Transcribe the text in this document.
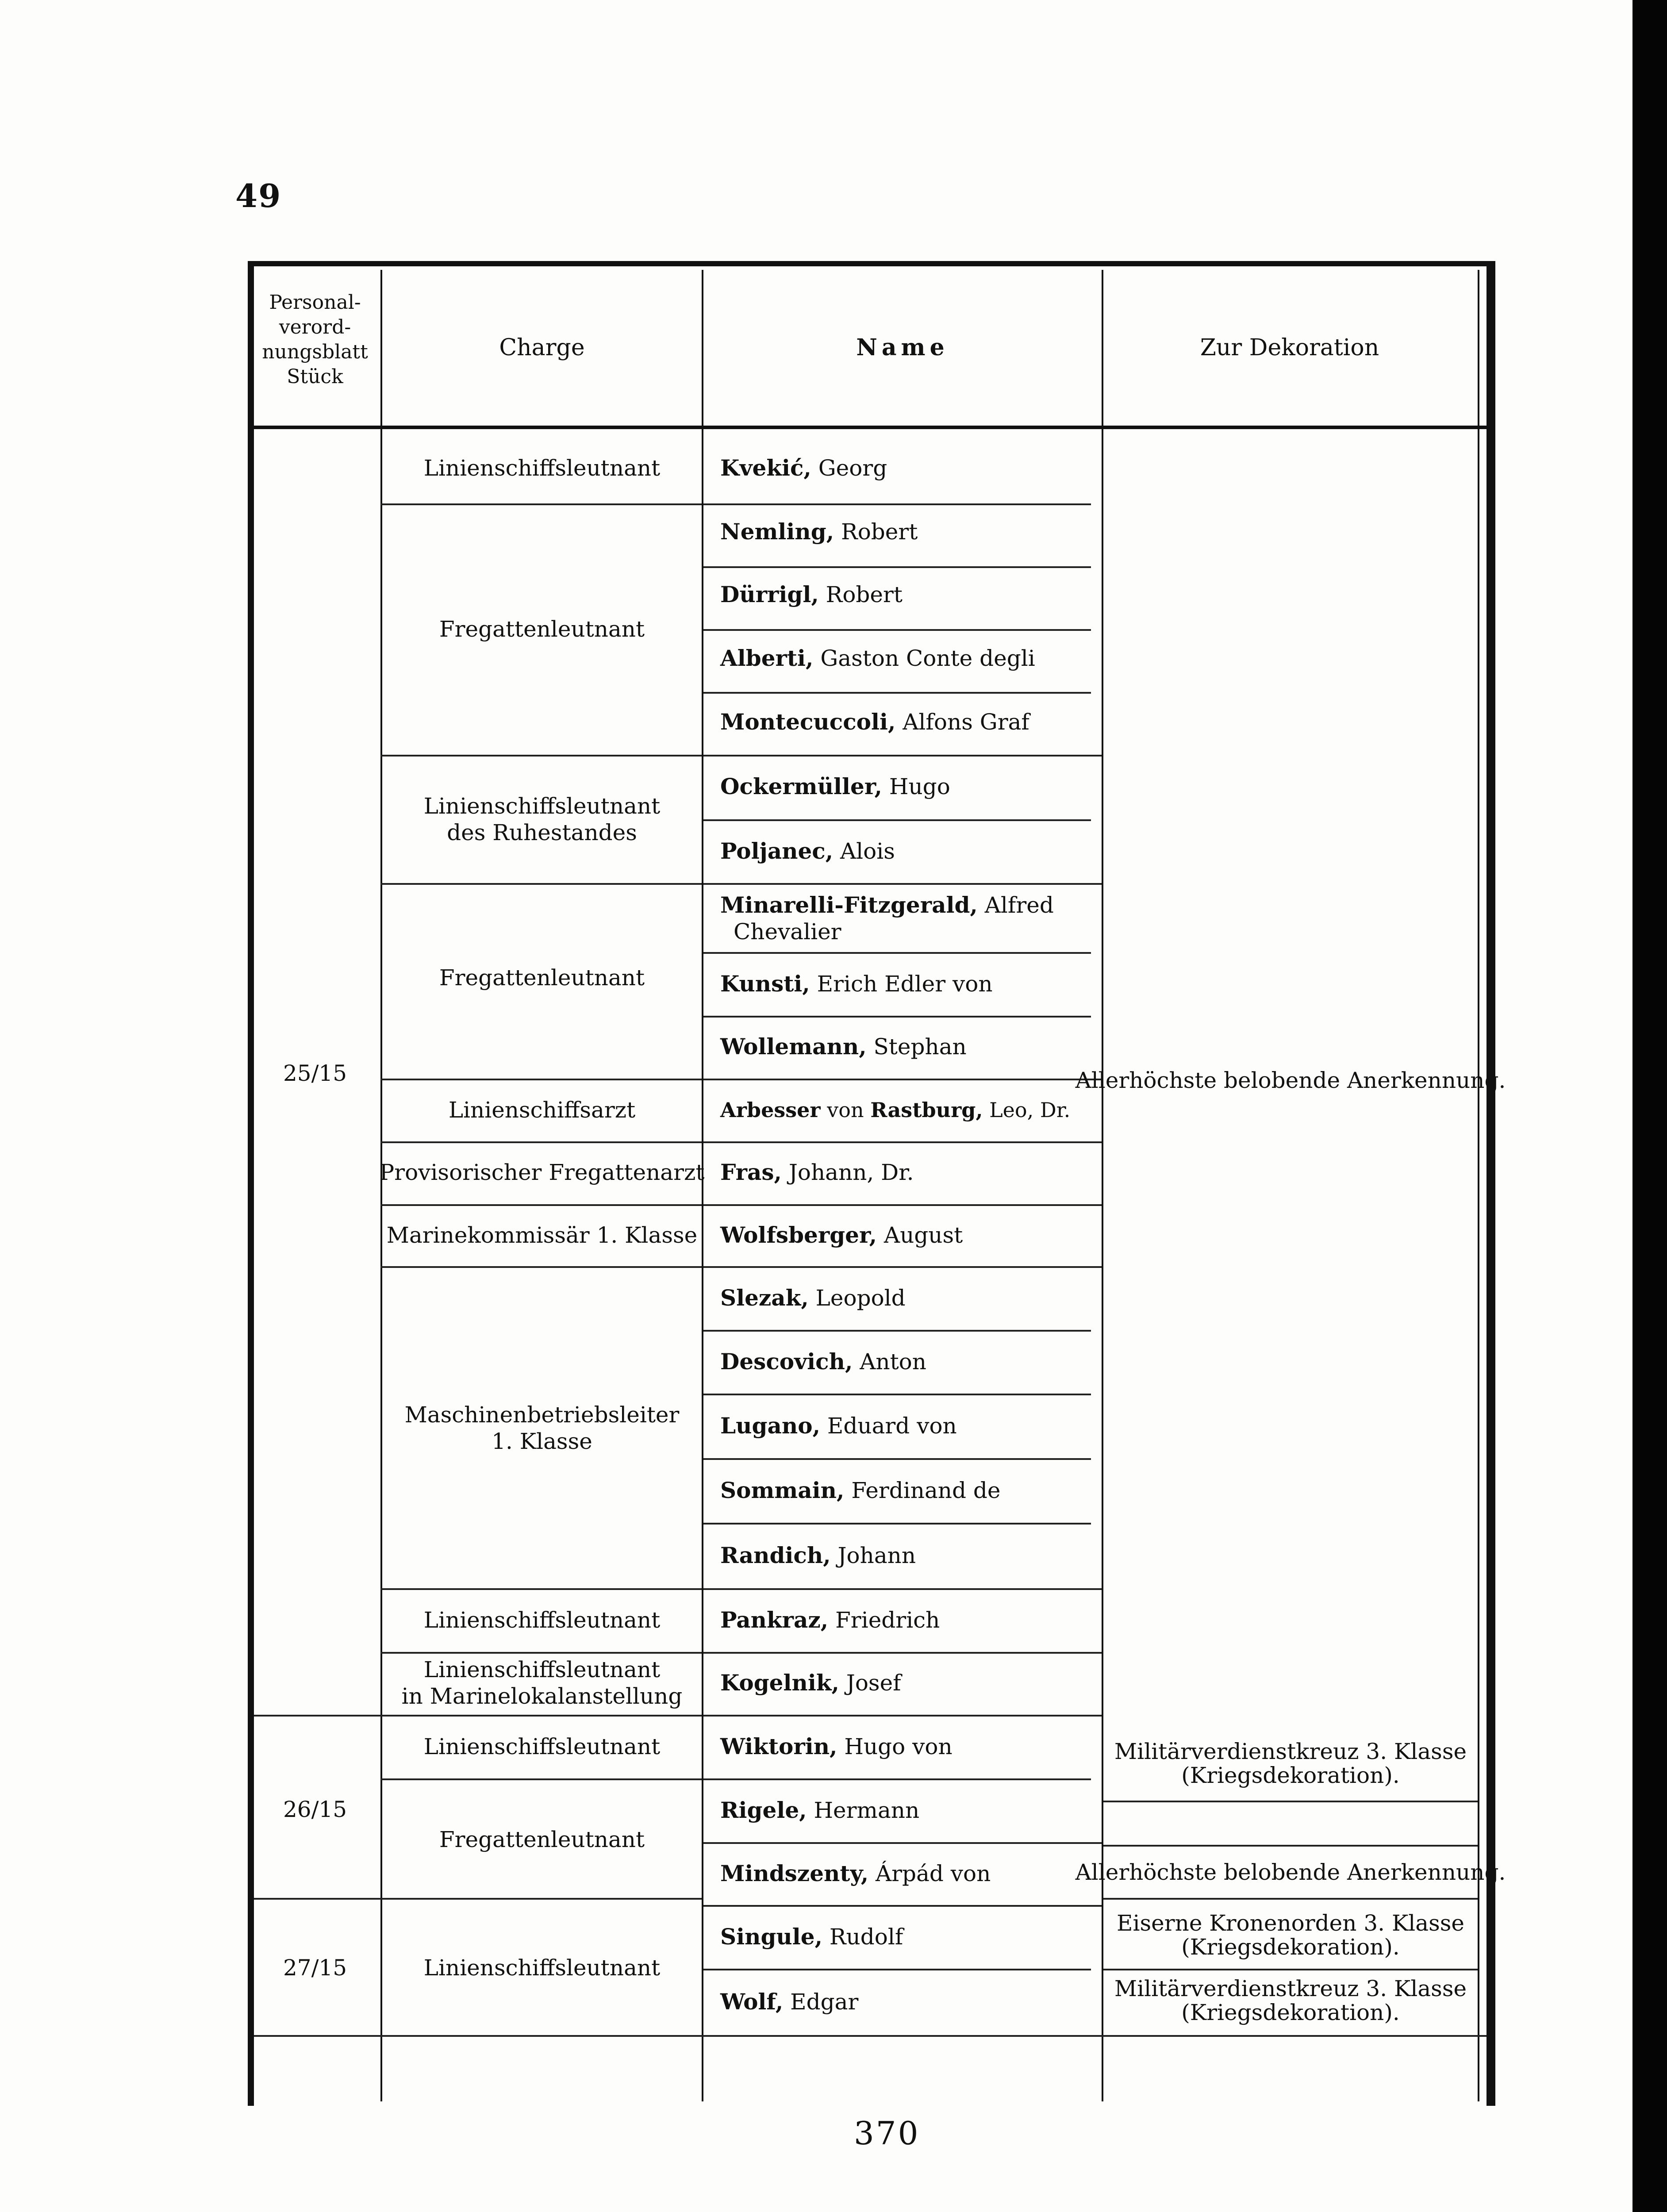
49
Personal-
verord-
nungsblatt
Stück
Charge	Name	Zur Dekoration
25/15
26/15
27/15
Linienschiffsleutnant
Fregattenleutnant
Linienschiffsleutnant
des Ruhestandes
Fregattenleutnant
Linienschiffsarzt
Provisorischer Fregattenarzt
Marinekommissär 1. Klasse
Maschinenbetriebsleiter
1. Klasse
Linienschiffsleutnant
Linienschiffsleutnant
in Marinelokalanstellung
Linienschiffsleutnant
Fregattenleutnant
Linienschiffsleutnant
Kvekić, Georg
Nemling, Robert
Dürrigl, Robert
Alberti, Gaston Conte degli
Montecuccoli, Alfons Graf
Ockermüller, Hugo
Poljanec, Alois
Minarelli-Fitzgerald, Alfred
Chevalier
Kunsti, Erich Edler von
Wollemann, Stephan
Arbesser von Rastburg, Leo, Dr.
Fras, Johann, Dr.
Wolfsberger, August
Slezak, Leopold
Descovich, Anton
Lugano, Eduard von
Sommain, Ferdinand de
Randich, Johann
Pankraz, Friedrich
Kogelnik, Josef
Wiktorin, Hugo von
Rigele, Hermann
Mindszenty, Árpád von
Singule, Rudolf
Wolf, Edgar
Allerhöchste belobende Anerkennung.
Militärverdienstkreuz 3. Klasse
(Kriegsdekoration).
Allerhöchste belobende Anerkennung.
Eiserne Kronenorden 3. Klasse
(Kriegsdekoration).
Militärverdienstkreuz 3. Klasse
(Kriegsdekoration).
370
